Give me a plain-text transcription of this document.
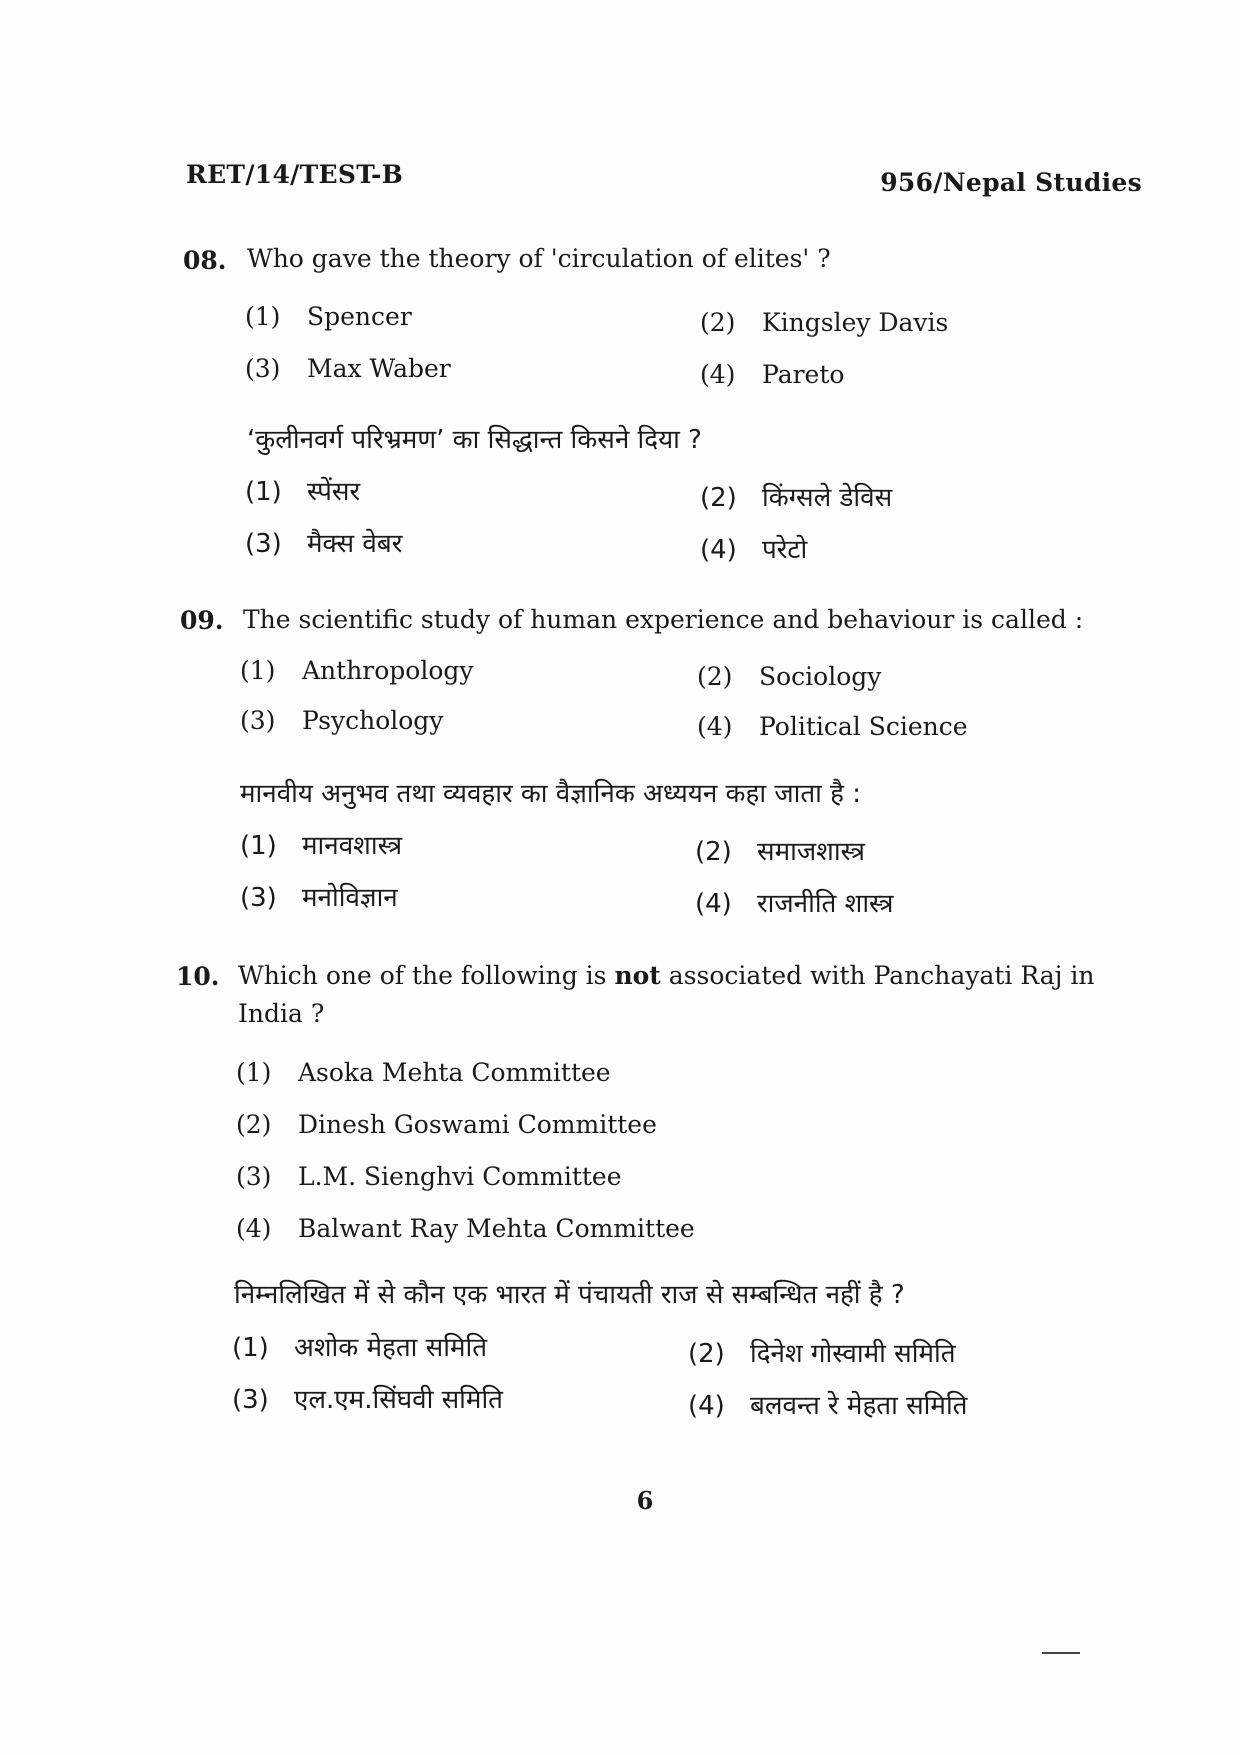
RET/14/TEST-B	956/Nepal Studies
08. Who gave the theory of 'circulation of elites' ?
(1) Spencer	(2) Kingsley Davis
(3) Max Waber	(4) Pareto
‘कुलीनवर्ग परिभ्रमण’ का सिद्धान्त किसने दिया ?
(1) स्पेंसर	(2) किंग्सले डेविस
(3) मैक्स वेबर	(4) परेटो
09. The scientific study of human experience and behaviour is called :
(1) Anthropology	(2) Sociology
(3) Psychology	(4) Political Science
मानवीय अनुभव तथा व्यवहार का वैज्ञानिक अध्ययन कहा जाता है :
(1) मानवशास्त्र	(2) समाजशास्त्र
(3) मनोविज्ञान	(4) राजनीति शास्त्र
10. Which one of the following is not associated with Panchayati Raj in India ?
(1) Asoka Mehta Committee
(2) Dinesh Goswami Committee
(3) L.M. Sienghvi Committee
(4) Balwant Ray Mehta Committee
निम्नलिखित में से कौन एक भारत में पंचायती राज से सम्बन्धित नहीं है ?
(1) अशोक मेहता समिति	(2) दिनेश गोस्वामी समिति
(3) एल.एम.सिंघवी समिति	(4) बलवन्त रे मेहता समिति
6
